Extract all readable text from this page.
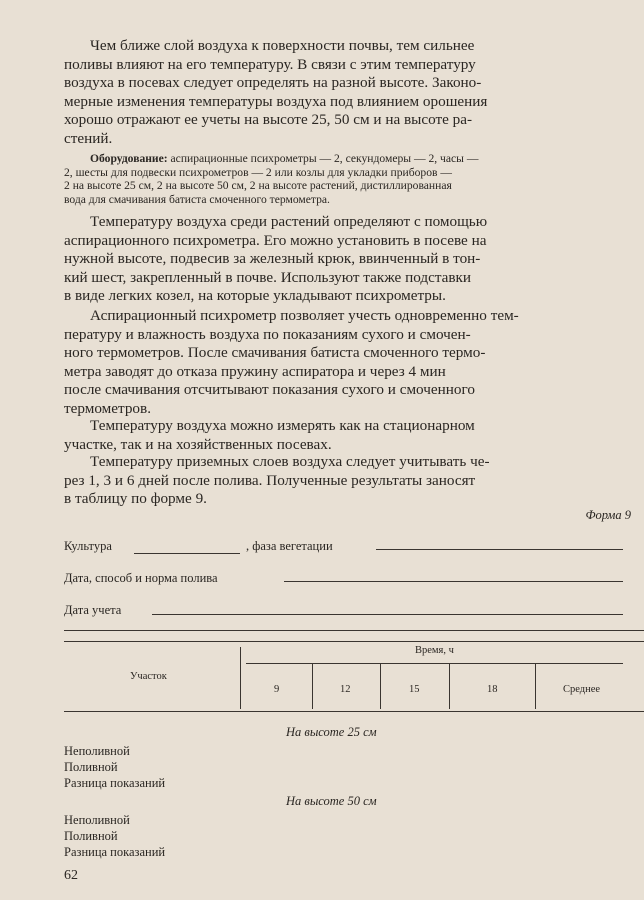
Чем ближе слой воздуха к поверхности почвы, тем сильнее
поливы влияют на его температуру. В связи с этим температуру
воздуха в посевах следует определять на разной высоте. Законо-
мерные изменения температуры воздуха под влиянием орошения
хорошо отражают ее учеты на высоте 25, 50 см и на высоте ра-
стений.
Оборудование: аспирационные психрометры — 2, секундомеры — 2, часы —
2, шесты для подвески психрометров — 2 или козлы для укладки приборов —
2 на высоте 25 см, 2 на высоте 50 см, 2 на высоте растений, дистиллированная
вода для смачивания батиста смоченного термометра.
Температуру воздуха среди растений определяют с помощью
аспирационного психрометра. Его можно установить в посеве на
нужной высоте, подвесив за железный крюк, ввинченный в тон-
кий шест, закрепленный в почве. Используют также подставки
в виде легких козел, на которые укладывают психрометры.
Аспирационный психрометр позволяет учесть одновременно тем-
пературу и влажность воздуха по показаниям сухого и смочен-
ного термометров. После смачивания батиста смоченного термо-
метра заводят до отказа пружину аспиратора и через 4 мин
после смачивания отсчитывают показания сухого и смоченного
термометров.
Температуру воздуха можно измерять как на стационарном
участке, так и на хозяйственных посевах.
Температуру приземных слоев воздуха следует учитывать че-
рез 1, 3 и 6 дней после полива. Полученные результаты заносят
в таблицу по форме 9.
Форма 9
Культура	, фаза вегетации
Дата, способ и норма полива
Дата учета
Участок
Время, ч
9	12	15	18	Среднее
На высоте 25 см
Неполивной
Поливной
Разница показаний
На высоте 50 см
Неполивной
Поливной
Разница показаний
62
